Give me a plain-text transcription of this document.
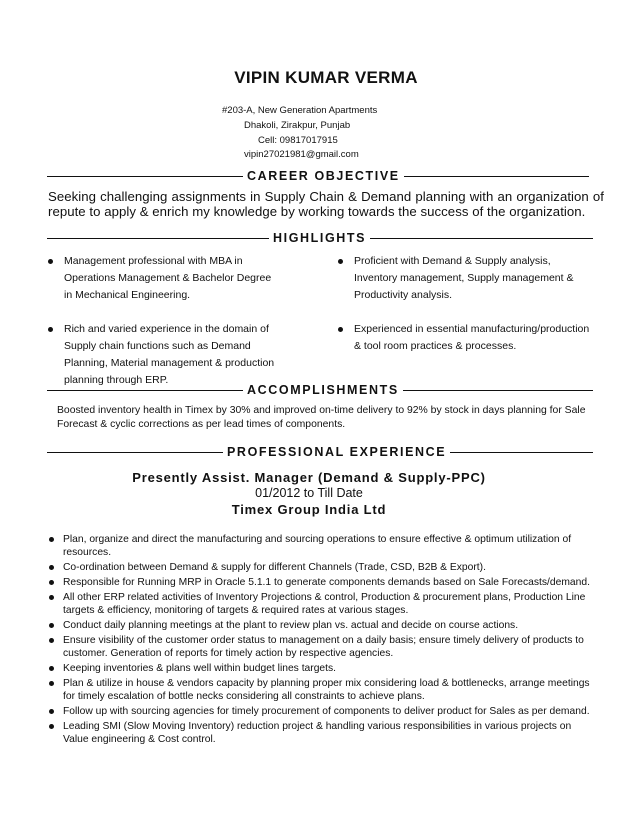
VIPIN KUMAR VERMA
#203-A, New Generation Apartments
Dhakoli, Zirakpur, Punjab
Cell: 09817017915
vipin27021981@gmail.com
CAREER OBJECTIVE
Seeking challenging assignments in Supply Chain & Demand planning with an organization of repute to apply & enrich my knowledge by working towards the success of the organization.
HIGHLIGHTS
Management professional with MBA in Operations Management & Bachelor Degree in Mechanical Engineering.
Rich and varied experience in the domain of Supply chain functions such as Demand Planning, Material management & production planning through ERP.
Proficient with Demand & Supply analysis, Inventory management, Supply management & Productivity analysis.
Experienced in essential manufacturing/production & tool room practices & processes.
ACCOMPLISHMENTS
Boosted inventory health in Timex by 30% and improved on-time delivery to 92% by stock in days planning for Sale Forecast & cyclic corrections as per lead times of components.
PROFESSIONAL EXPERIENCE
Presently Assist. Manager (Demand & Supply-PPC)
01/2012 to Till Date
Timex Group India Ltd
Plan, organize and direct the manufacturing and sourcing operations to ensure effective & optimum utilization of resources.
Co-ordination between Demand & supply for different Channels (Trade, CSD, B2B & Export).
Responsible for Running MRP in Oracle 5.1.1 to generate components demands based on Sale Forecasts/demand.
All other ERP related activities of Inventory Projections & control, Production & procurement plans, Production Line targets & efficiency, monitoring of targets & required rates at various stages.
Conduct daily planning meetings at the plant to review plan vs. actual and decide on course actions.
Ensure visibility of the customer order status to management on a daily basis; ensure timely delivery of products to customer. Generation of reports for timely action by respective agencies.
Keeping inventories & plans well within budget lines targets.
Plan & utilize in house & vendors capacity by planning proper mix considering load & bottlenecks, arrange meetings for timely escalation of bottle necks considering all constraints to achieve plans.
Follow up with sourcing agencies for timely procurement of components to deliver product for Sales as per demand.
Leading SMI (Slow Moving Inventory) reduction project & handling various responsibilities in various projects on Value engineering & Cost control.
